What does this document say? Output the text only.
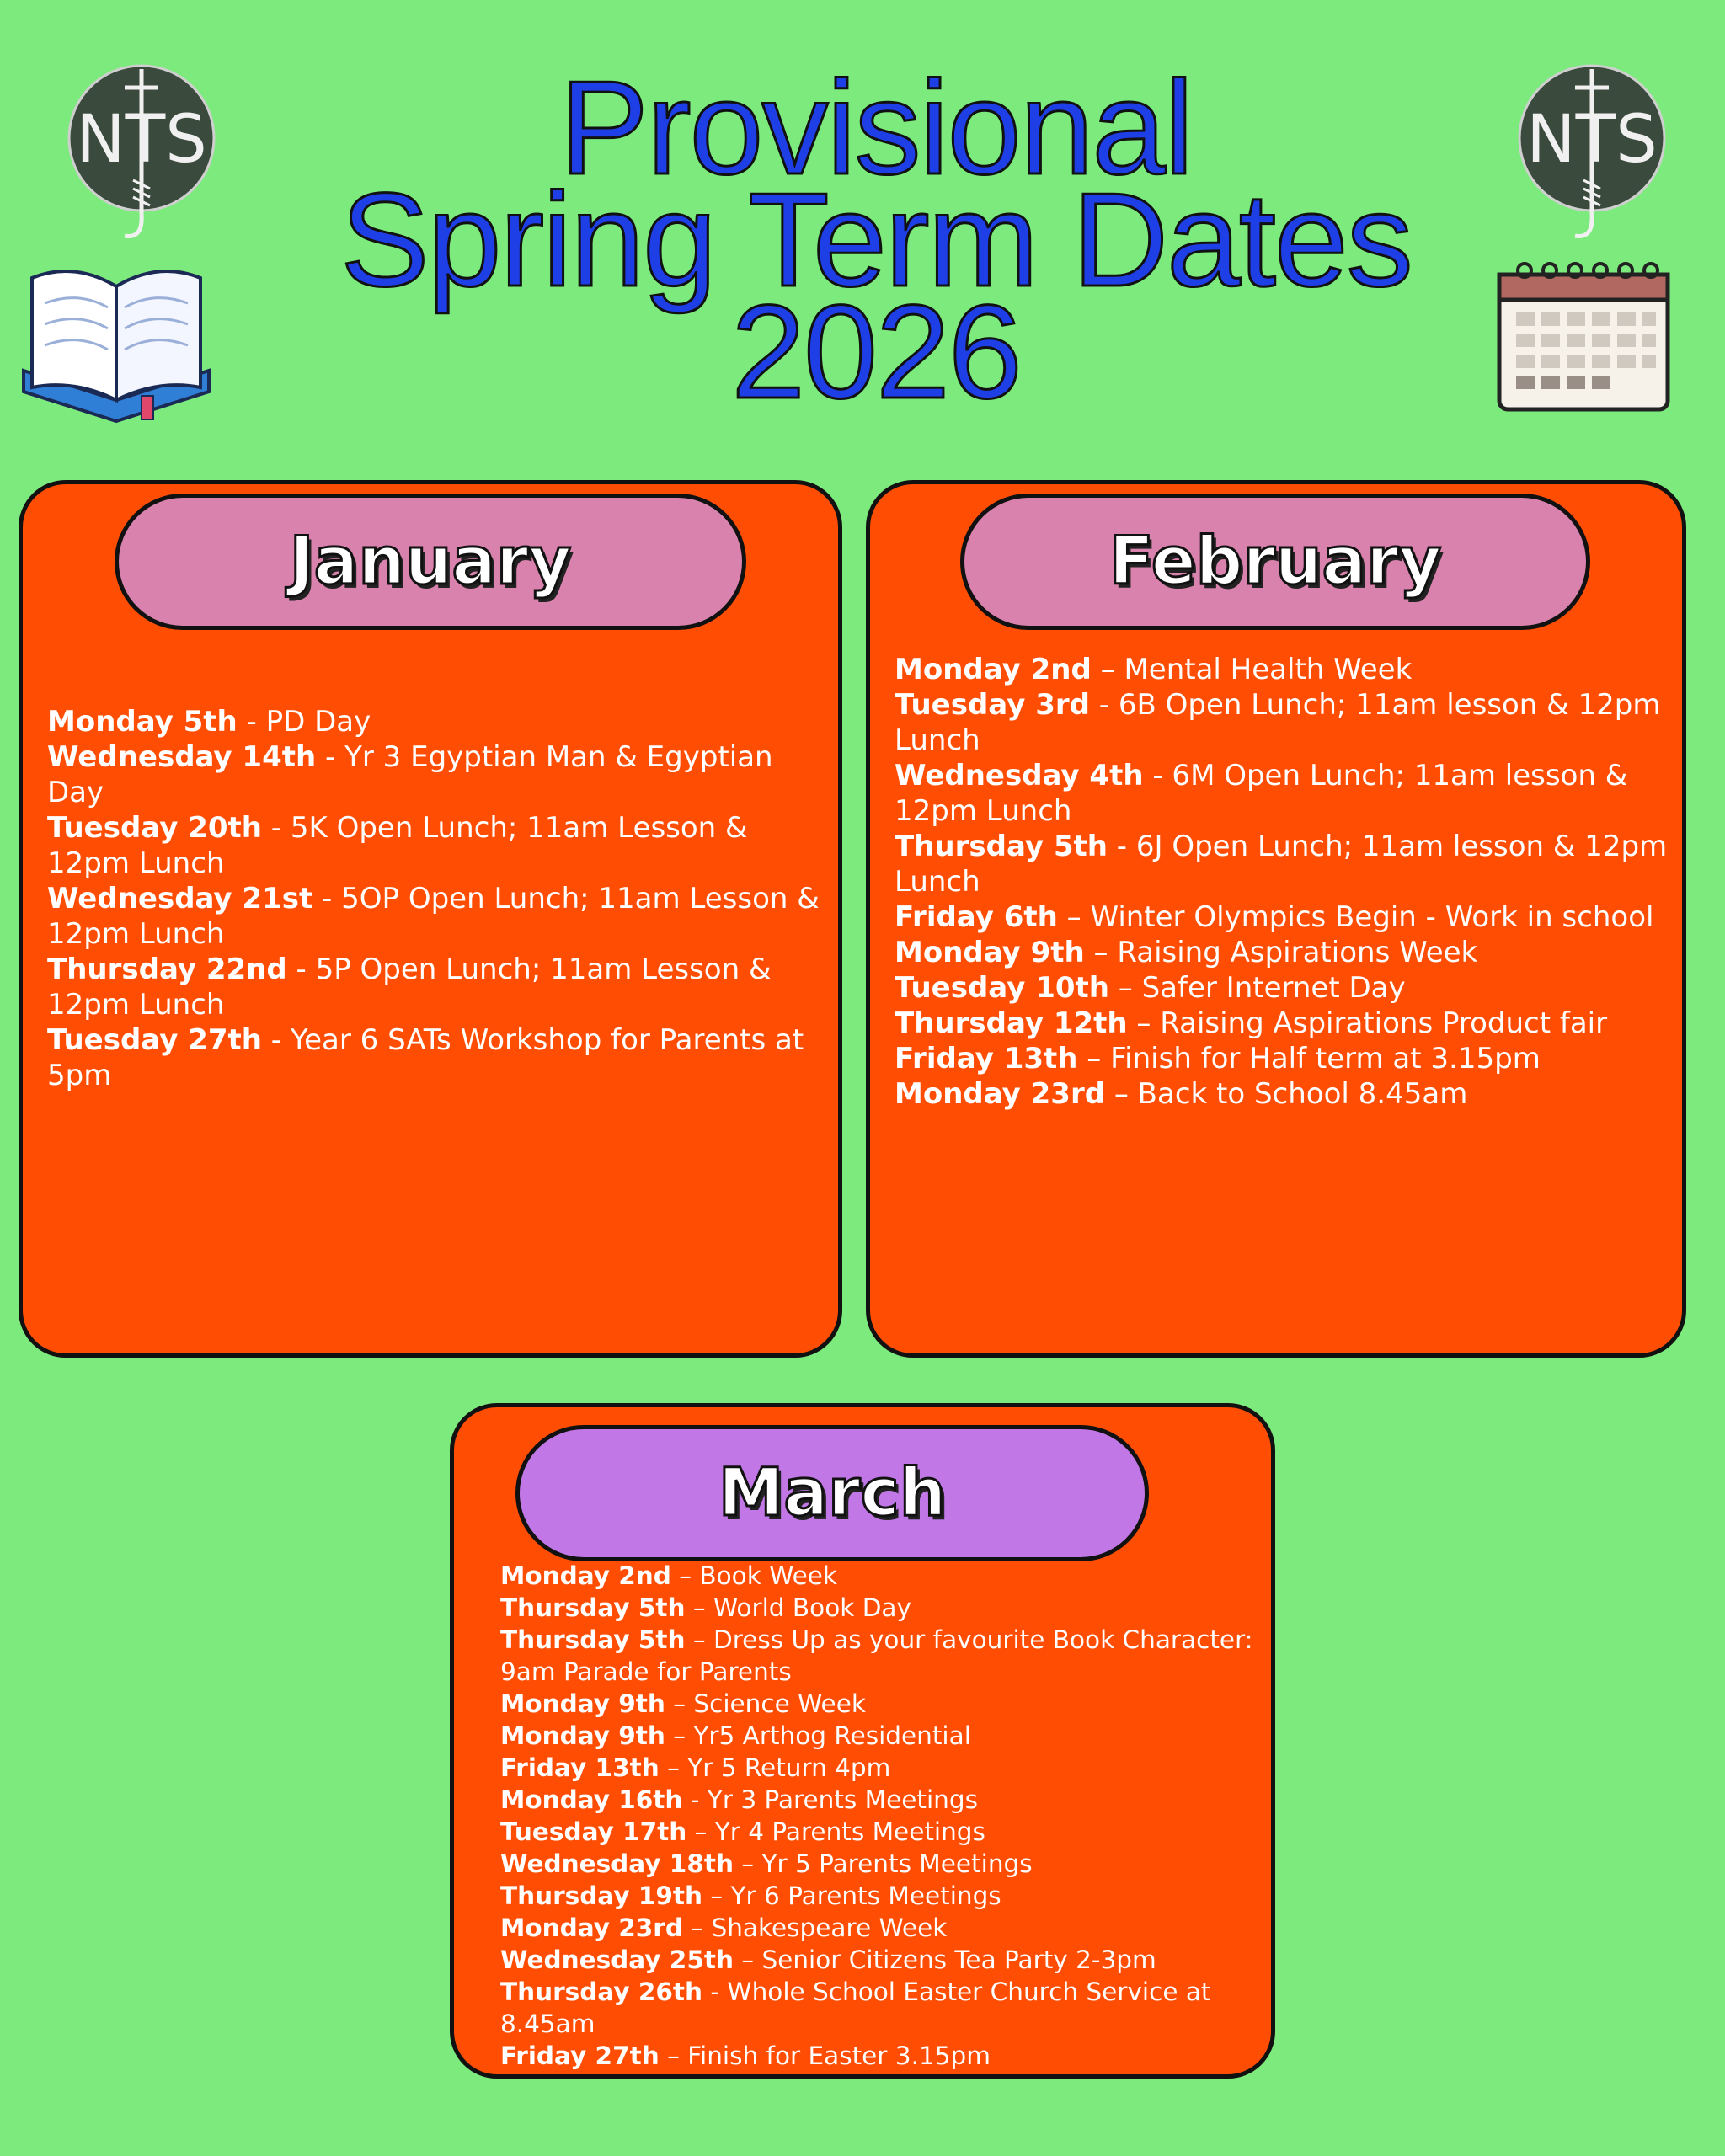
Provisional
Spring Term Dates
2026
NTS	NTS
January	February
March
Monday 5th - PD Day
Wednesday 14th - Yr 3 Egyptian Man & Egyptian Day
Tuesday 20th - 5K Open Lunch; 11am Lesson & 12pm Lunch
Wednesday 21st - 5OP Open Lunch; 11am Lesson & 12pm Lunch
Thursday 22nd - 5P Open Lunch; 11am Lesson & 12pm Lunch
Tuesday 27th - Year 6 SATs Workshop for Parents at 5pm
Monday 2nd – Mental Health Week
Tuesday 3rd - 6B Open Lunch; 11am lesson & 12pm Lunch
Wednesday 4th - 6M Open Lunch; 11am lesson & 12pm Lunch
Thursday 5th - 6J Open Lunch; 11am lesson & 12pm Lunch
Friday 6th – Winter Olympics Begin - Work in school
Monday 9th – Raising Aspirations Week
Tuesday 10th – Safer Internet Day
Thursday 12th – Raising Aspirations Product fair
Friday 13th – Finish for Half term at 3.15pm
Monday 23rd – Back to School 8.45am
Monday 2nd – Book Week
Thursday 5th – World Book Day
Thursday 5th – Dress Up as your favourite Book Character: 9am Parade for Parents
Monday 9th – Science Week
Monday 9th – Yr5 Arthog Residential
Friday 13th – Yr 5 Return 4pm
Monday 16th - Yr 3 Parents Meetings
Tuesday 17th – Yr 4 Parents Meetings
Wednesday 18th – Yr 5 Parents Meetings
Thursday 19th – Yr 6 Parents Meetings
Monday 23rd – Shakespeare Week
Wednesday 25th – Senior Citizens Tea Party 2-3pm
Thursday 26th - Whole School Easter Church Service at 8.45am
Friday 27th – Finish for Easter 3.15pm
